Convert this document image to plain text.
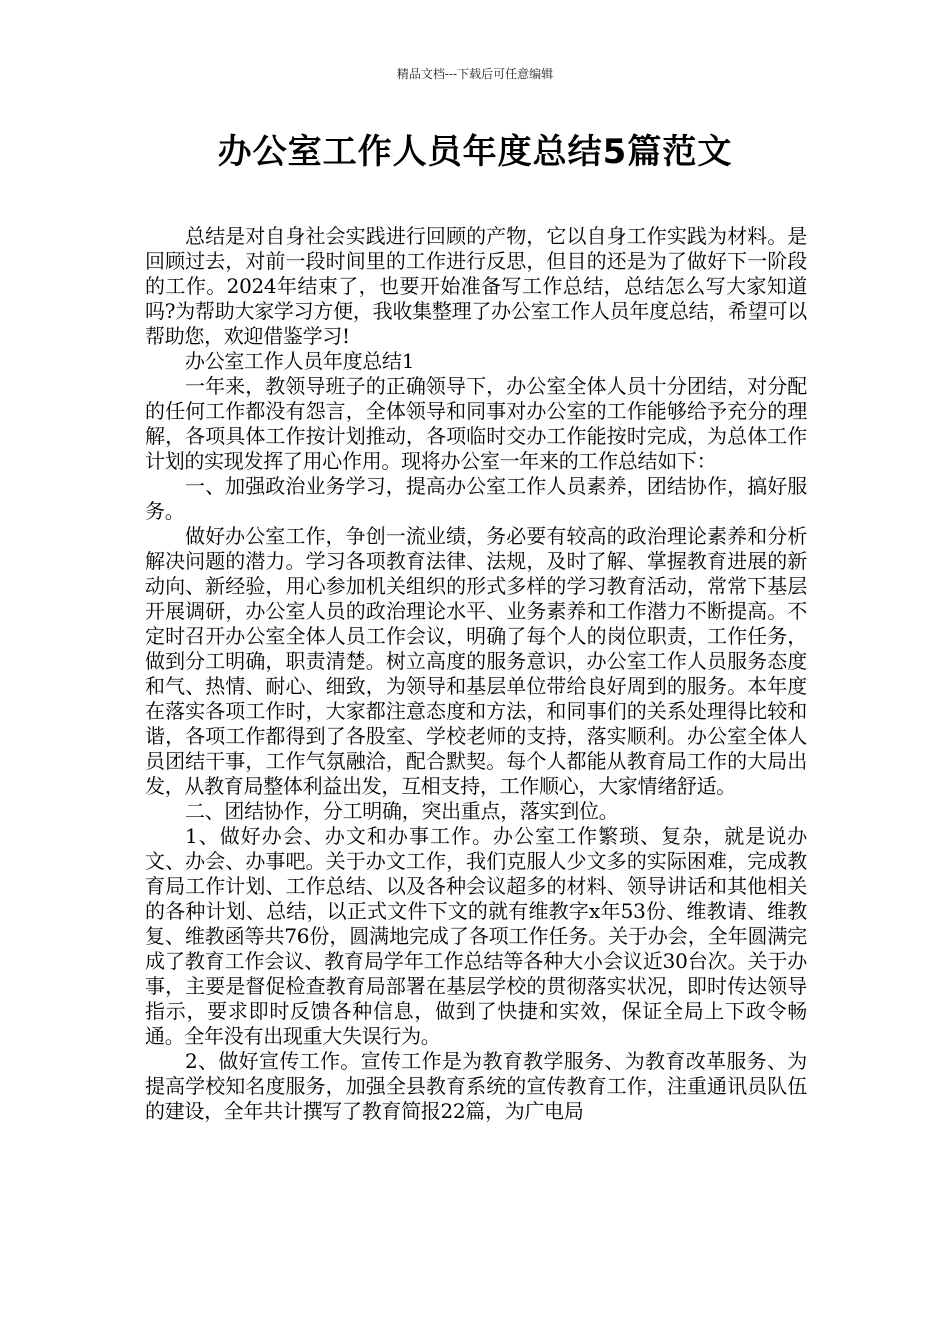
精品文档---下载后可任意编辑
办公室工作人员年度总结5篇范文

总结是对自身社会实践进行回顾的产物，它以自身工作实践为材料。是回顾过去，对前一段时间里的工作进行反思，但目的还是为了做好下一阶段的工作。2024年结束了，也要开始准备写工作总结，总结怎么写大家知道吗?为帮助大家学习方便，我收集整理了办公室工作人员年度总结，希望可以帮助您，欢迎借鉴学习!

办公室工作人员年度总结1

一年来，教领导班子的正确领导下，办公室全体人员十分团结，对分配的任何工作都没有怨言，全体领导和同事对办公室的工作能够给予充分的理解，各项具体工作按计划推动，各项临时交办工作能按时完成，为总体工作计划的实现发挥了用心作用。现将办公室一年来的工作总结如下：

一、加强政治业务学习，提高办公室工作人员素养，团结协作，搞好服务。

做好办公室工作，争创一流业绩，务必要有较高的政治理论素养和分析解决问题的潜力。学习各项教育法律、法规，及时了解、掌握教育进展的新动向、新经验，用心参加机关组织的形式多样的学习教育活动，常常下基层开展调研，办公室人员的政治理论水平、业务素养和工作潜力不断提高。不定时召开办公室全体人员工作会议，明确了每个人的岗位职责，工作任务，做到分工明确，职责清楚。树立高度的服务意识，办公室工作人员服务态度和气、热情、耐心、细致，为领导和基层单位带给良好周到的服务。本年度在落实各项工作时，大家都注意态度和方法，和同事们的关系处理得比较和谐，各项工作都得到了各股室、学校老师的支持，落实顺利。办公室全体人员团结干事，工作气氛融洽，配合默契。每个人都能从教育局工作的大局出发，从教育局整体利益出发，互相支持，工作顺心，大家情绪舒适。

二、团结协作，分工明确，突出重点，落实到位。

1、做好办会、办文和办事工作。办公室工作繁琐、复杂，就是说办文、办会、办事吧。关于办文工作，我们克服人少文多的实际困难，完成教育局工作计划、工作总结、以及各种会议超多的材料、领导讲话和其他相关的各种计划、总结，以正式文件下文的就有维教字x年53份、维教请、维教复、维教函等共76份，圆满地完成了各项工作任务。关于办会，全年圆满完成了教育工作会议、教育局学年工作总结等各种大小会议近30台次。关于办事，主要是督促检查教育局部署在基层学校的贯彻落实状况，即时传达领导指示，要求即时反馈各种信息，做到了快捷和实效，保证全局上下政令畅通。全年没有出现重大失误行为。

2、做好宣传工作。宣传工作是为教育教学服务、为教育改革服务、为提高学校知名度服务，加强全县教育系统的宣传教育工作，注重通讯员队伍的建设，全年共计撰写了教育简报22篇，为广电局
